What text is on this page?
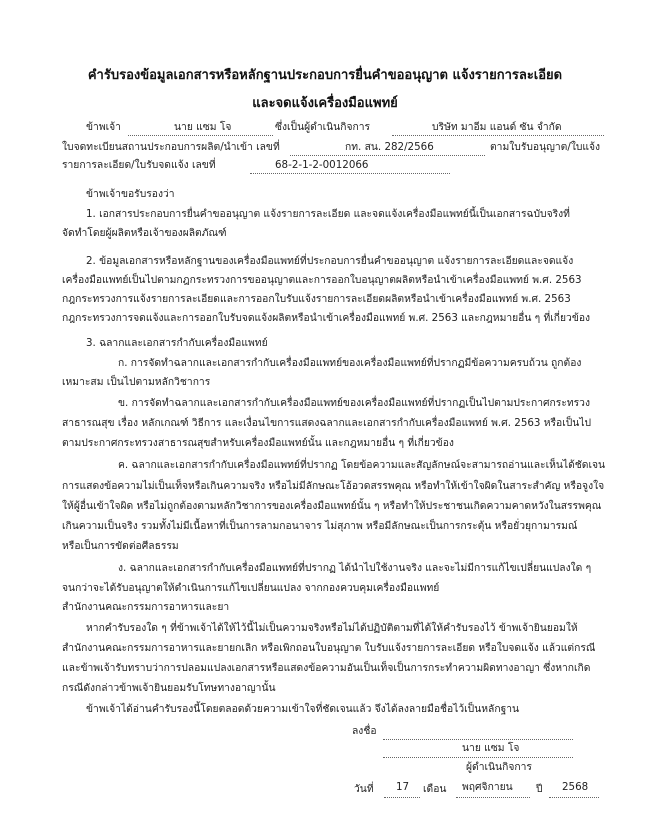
คำรับรองข้อมูลเอกสารหรือหลักฐานประกอบการยื่นคำขออนุญาต แจ้งรายการละเอียด
และจดแจ้งเครื่องมือแพทย์
ข้าพเจ้า	นาย แซม โจ	ซึ่งเป็นผู้ดำเนินกิจการ	บริษัท มาอีม แอนด์ ซัน จำกัด
ใบจดทะเบียนสถานประกอบการผลิต/นำเข้า เลขที่	กท. สน. 282/2566	ตามใบรับอนุญาต/ใบแจ้ง
รายการละเอียด/ใบรับจดแจ้ง เลขที่	68-2-1-2-0012066
ข้าพเจ้าขอรับรองว่า
1. เอกสารประกอบการยื่นคำขออนุญาต แจ้งรายการละเอียด และจดแจ้งเครื่องมือแพทย์นี้เป็นเอกสารฉบับจริงที่
จัดทำโดยผู้ผลิตหรือเจ้าของผลิตภัณฑ์
2. ข้อมูลเอกสารหรือหลักฐานของเครื่องมือแพทย์ที่ประกอบการยื่นคำขออนุญาต แจ้งรายการละเอียดและจดแจ้ง
เครื่องมือแพทย์เป็นไปตามกฎกระทรวงการขออนุญาตและการออกใบอนุญาตผลิตหรือนำเข้าเครื่องมือแพทย์ พ.ศ. 2563
กฎกระทรวงการแจ้งรายการละเอียดและการออกใบรับแจ้งรายการละเอียดผลิตหรือนำเข้าเครื่องมือแพทย์ พ.ศ. 2563
กฎกระทรวงการจดแจ้งและการออกใบรับจดแจ้งผลิตหรือนำเข้าเครื่องมือแพทย์ พ.ศ. 2563 และกฎหมายอื่น ๆ ที่เกี่ยวข้อง
3. ฉลากและเอกสารกำกับเครื่องมือแพทย์
ก. การจัดทำฉลากและเอกสารกำกับเครื่องมือแพทย์ของเครื่องมือแพทย์ที่ปรากฏมีข้อความครบถ้วน ถูกต้อง
เหมาะสม เป็นไปตามหลักวิชาการ
ข. การจัดทำฉลากและเอกสารกำกับเครื่องมือแพทย์ของเครื่องมือแพทย์ที่ปรากฏเป็นไปตามประกาศกระทรวง
สาธารณสุข เรื่อง หลักเกณฑ์ วิธีการ และเงื่อนไขการแสดงฉลากและเอกสารกำกับเครื่องมือแพทย์ พ.ศ. 2563 หรือเป็นไป
ตามประกาศกระทรวงสาธารณสุขสำหรับเครื่องมือแพทย์นั้น และกฎหมายอื่น ๆ ที่เกี่ยวข้อง
ค. ฉลากและเอกสารกำกับเครื่องมือแพทย์ที่ปรากฏ โดยข้อความและสัญลักษณ์จะสามารถอ่านและเห็นได้ชัดเจน
การแสดงข้อความไม่เป็นเท็จหรือเกินความจริง หรือไม่มีลักษณะโอ้อวดสรรพคุณ หรือทำให้เข้าใจผิดในสาระสำคัญ หรือจูงใจ
ให้ผู้อื่นเข้าใจผิด หรือไม่ถูกต้องตามหลักวิชาการของเครื่องมือแพทย์นั้น ๆ หรือทำให้ประชาชนเกิดความคาดหวังในสรรพคุณ
เกินความเป็นจริง รวมทั้งไม่มีเนื้อหาที่เป็นการลามกอนาจาร ไม่สุภาพ หรือมีลักษณะเป็นการกระตุ้น หรือยั่วยุกามารมณ์
หรือเป็นการขัดต่อศีลธรรม
ง. ฉลากและเอกสารกำกับเครื่องมือแพทย์ที่ปรากฏ ได้นำไปใช้งานจริง และจะไม่มีการแก้ไขเปลี่ยนแปลงใด ๆ
จนกว่าจะได้รับอนุญาตให้ดำเนินการแก้ไขเปลี่ยนแปลง จากกองควบคุมเครื่องมือแพทย์
สำนักงานคณะกรรมการอาหารและยา
หากคำรับรองใด ๆ ที่ข้าพเจ้าได้ให้ไว้นี้ไม่เป็นความจริงหรือไม่ได้ปฏิบัติตามที่ได้ให้คำรับรองไว้ ข้าพเจ้ายินยอมให้
สำนักงานคณะกรรมการอาหารและยายกเลิก หรือเพิกถอนใบอนุญาต ใบรับแจ้งรายการละเอียด หรือใบจดแจ้ง แล้วแต่กรณี
และข้าพเจ้ารับทราบว่าการปลอมแปลงเอกสารหรือแสดงข้อความอันเป็นเท็จเป็นการกระทำความผิดทางอาญา ซึ่งหากเกิด
กรณีดังกล่าวข้าพเจ้ายินยอมรับโทษทางอาญานั้น
ข้าพเจ้าได้อ่านคำรับรองนี้โดยตลอดด้วยความเข้าใจที่ชัดเจนแล้ว จึงได้ลงลายมือชื่อไว้เป็นหลักฐาน
ลงชื่อ
นาย แซม โจ
ผู้ดำเนินกิจการ
วันที่ 17 เดือน พฤศจิกายน ปี 2568
